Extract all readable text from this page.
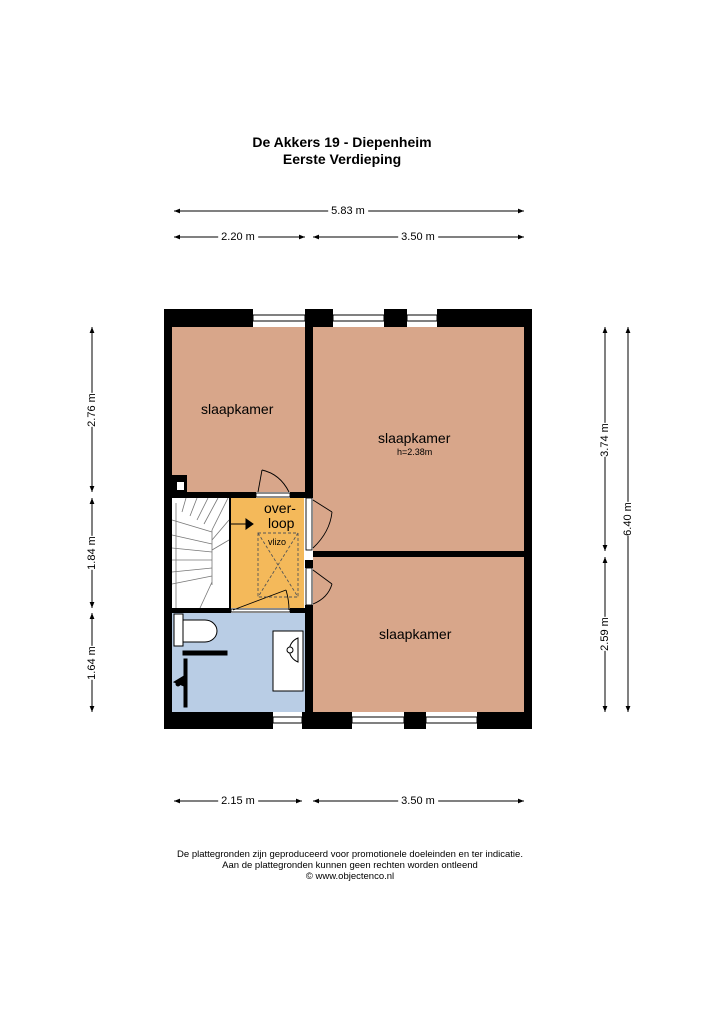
De Akkers 19 - Diepenheim
Eerste Verdieping
slaapkamer
slaapkamer
h=2.38m
slaapkamer
over-
loop
vlizo
5.83 m
2.20 m	3.50 m
2.15 m	3.50 m
2.76 m
1.84 m
1.64 m
3.74 m
2.59 m
6.40 m
De plattegronden zijn geproduceerd voor promotionele doeleinden en ter indicatie.
Aan de plattegronden kunnen geen rechten worden ontleend
© www.objectenco.nl
